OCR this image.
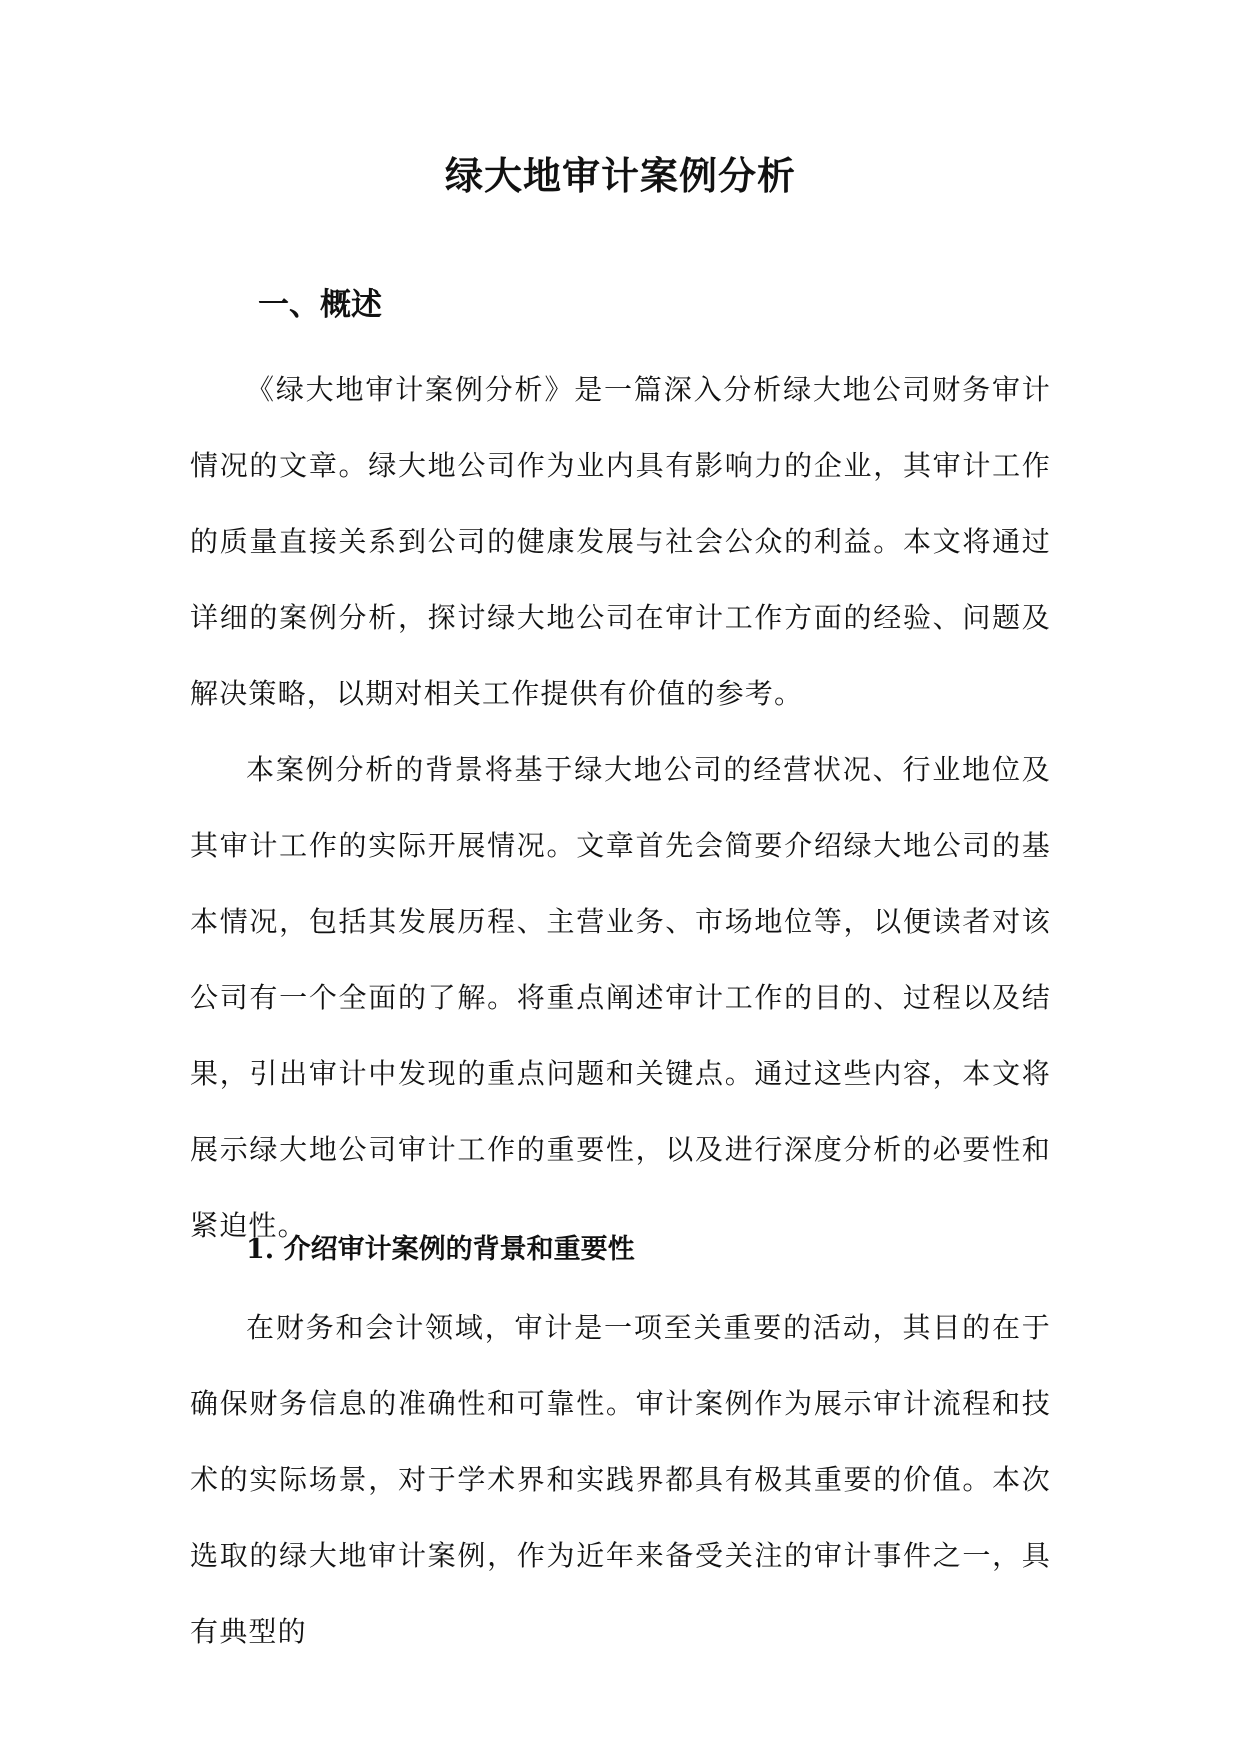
绿大地审计案例分析
一、概述

《绿大地审计案例分析》是一篇深入分析绿大地公司财务审计情况的文章。绿大地公司作为业内具有影响力的企业，其审计工作的质量直接关系到公司的健康发展与社会公众的利益。本文将通过详细的案例分析，探讨绿大地公司在审计工作方面的经验、问题及解决策略，以期对相关工作提供有价值的参考。

本案例分析的背景将基于绿大地公司的经营状况、行业地位及其审计工作的实际开展情况。文章首先会简要介绍绿大地公司的基本情况，包括其发展历程、主营业务、市场地位等，以便读者对该公司有一个全面的了解。将重点阐述审计工作的目的、过程以及结果，引出审计中发现的重点问题和关键点。通过这些内容，本文将展示绿大地公司审计工作的重要性，以及进行深度分析的必要性和紧迫性。

1. 介绍审计案例的背景和重要性

在财务和会计领域，审计是一项至关重要的活动，其目的在于确保财务信息的准确性和可靠性。审计案例作为展示审计流程和技术的实际场景，对于学术界和实践界都具有极其重要的价值。本次选取的绿大地审计案例，作为近年来备受关注的审计事件之一，具有典型的
